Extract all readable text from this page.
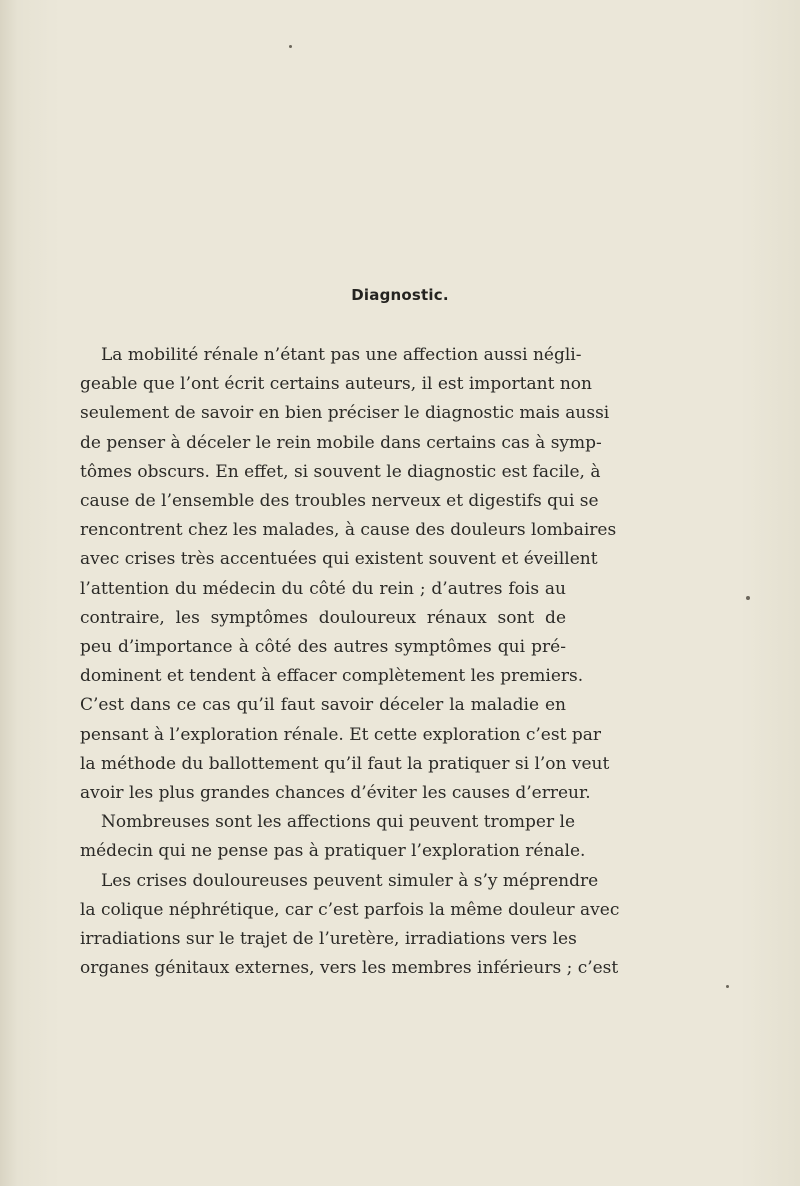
Diagnostic.
La mobilité rénale n’étant pas une affection aussi négli-
geable que l’ont écrit certains auteurs, il est important non
seulement de savoir en bien préciser le diagnostic mais aussi
de penser à déceler le rein mobile dans certains cas à symp-
tômes obscurs. En effet, si souvent le diagnostic est facile, à
cause de l’ensemble des troubles nerveux et digestifs qui se
rencontrent chez les malades, à cause des douleurs lombaires
avec crises très accentuées qui existent souvent et éveillent
l’attention du médecin du côté du rein ; d’autres fois au
contraire, les symptômes douloureux rénaux sont de
peu d’importance à côté des autres symptômes qui pré-
dominent et tendent à effacer complètement les premiers.
C’est dans ce cas qu’il faut savoir déceler la maladie en
pensant à l’exploration rénale. Et cette exploration c’est par
la méthode du ballottement qu’il faut la pratiquer si l’on veut
avoir les plus grandes chances d’éviter les causes d’erreur.
Nombreuses sont les affections qui peuvent tromper le
médecin qui ne pense pas à pratiquer l’exploration rénale.
Les crises douloureuses peuvent simuler à s’y méprendre
la colique néphrétique, car c’est parfois la même douleur avec
irradiations sur le trajet de l’uretère, irradiations vers les
organes génitaux externes, vers les membres inférieurs ; c’est
